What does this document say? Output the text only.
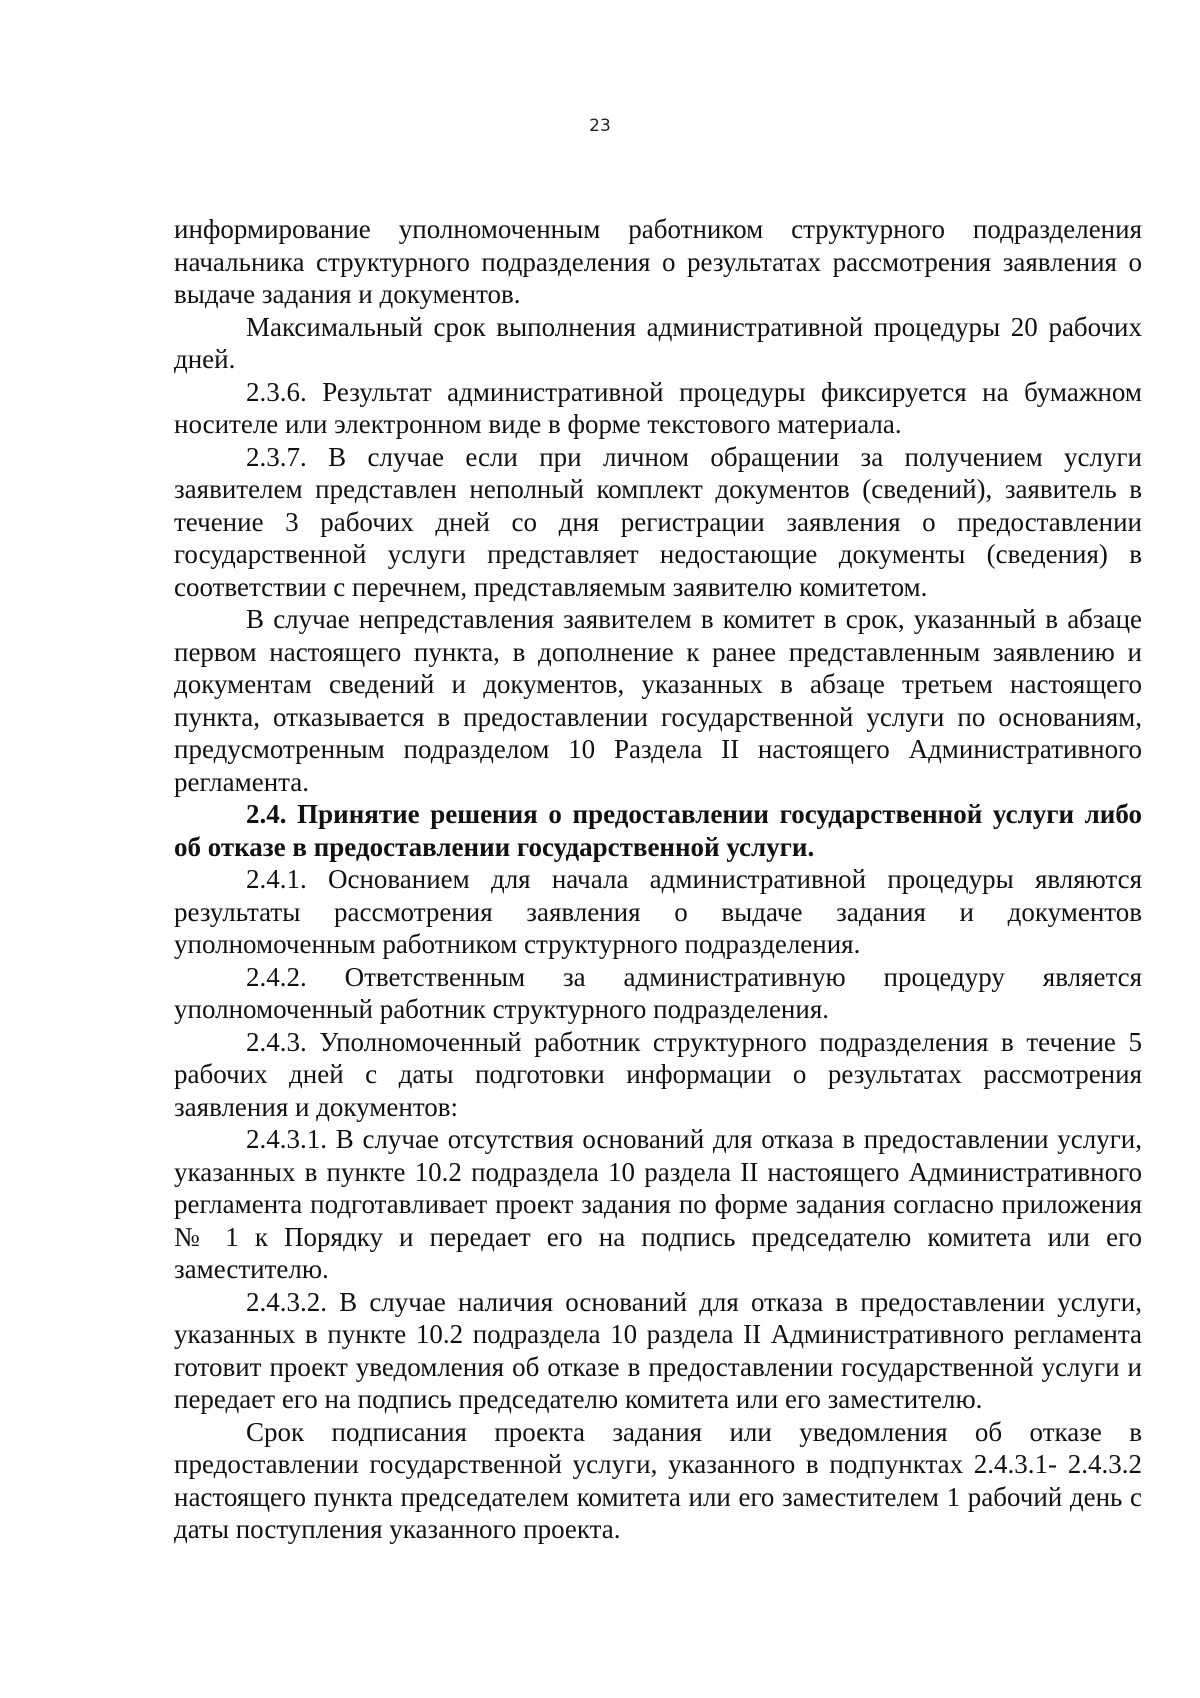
23

информирование уполномоченным работником структурного подразделения начальника структурного подразделения о результатах рассмотрения заявления о выдаче задания и документов.

Максимальный срок выполнения административной процедуры 20 рабочих дней.

2.3.6. Результат административной процедуры фиксируется на бумажном носителе или электронном виде в форме текстового материала.

2.3.7. В случае если при личном обращении за получением услуги заявителем представлен неполный комплект документов (сведений), заявитель в течение 3 рабочих дней со дня регистрации заявления о предоставлении государственной услуги представляет недостающие документы (сведения) в соответствии с перечнем, представляемым заявителю комитетом.

В случае непредставления заявителем в комитет в срок, указанный в абзаце первом настоящего пункта, в дополнение к ранее представленным заявлению и документам сведений и документов, указанных в абзаце третьем настоящего пункта, отказывается в предоставлении государственной услуги по основаниям, предусмотренным подразделом 10 Раздела II настоящего Административного регламента.

2.4. Принятие решения о предоставлении государственной услуги либо об отказе в предоставлении государственной услуги.

2.4.1. Основанием для начала административной процедуры являются результаты рассмотрения заявления о выдаче задания и документов уполномоченным работником структурного подразделения.

2.4.2. Ответственным за административную процедуру является уполномоченный работник структурного подразделения.

2.4.3. Уполномоченный работник структурного подразделения в течение 5 рабочих дней с даты подготовки информации о результатах рассмотрения заявления и документов:

2.4.3.1. В случае отсутствия оснований для отказа в предоставлении услуги, указанных в пункте 10.2 подраздела 10 раздела II настоящего Административного регламента подготавливает проект задания по форме задания согласно приложения № 1 к Порядку и передает его на подпись председателю комитета или его заместителю.

2.4.3.2. В случае наличия оснований для отказа в предоставлении услуги, указанных в пункте 10.2 подраздела 10 раздела II Административного регламента готовит проект уведомления об отказе в предоставлении государственной услуги и передает его на подпись председателю комитета или его заместителю.

Срок подписания проекта задания или уведомления об отказе в предоставлении государственной услуги, указанного в подпунктах 2.4.3.1- 2.4.3.2 настоящего пункта председателем комитета или его заместителем 1 рабочий день с даты поступления указанного проекта.
